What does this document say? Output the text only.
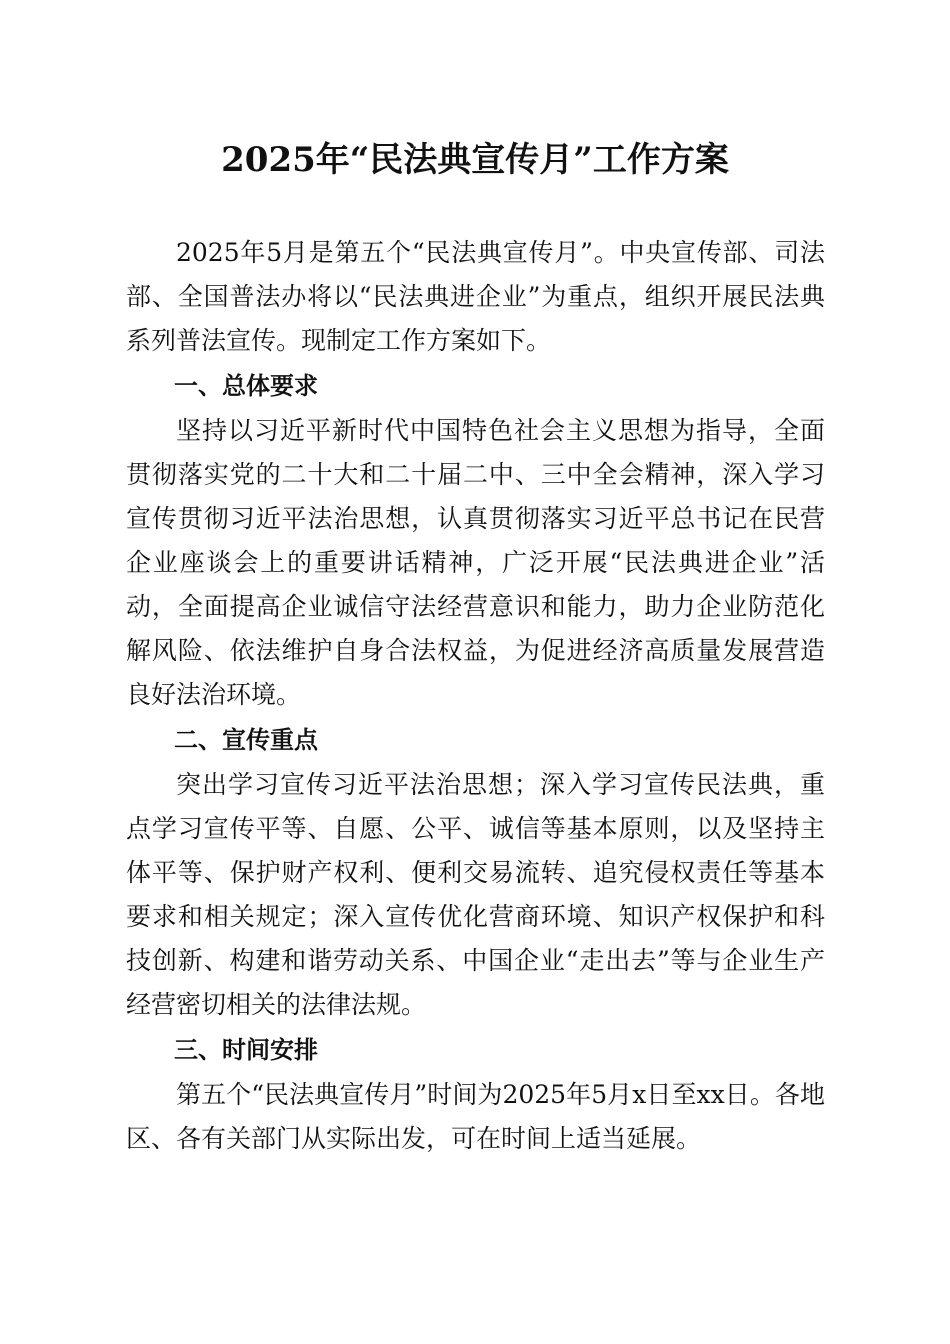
2025年“民法典宣传月”工作方案

2025年5月是第五个“民法典宣传月”。中央宣传部、司法部、全国普法办将以“民法典进企业”为重点，组织开展民法典系列普法宣传。现制定工作方案如下。

一、总体要求

坚持以习近平新时代中国特色社会主义思想为指导，全面贯彻落实党的二十大和二十届二中、三中全会精神，深入学习宣传贯彻习近平法治思想，认真贯彻落实习近平总书记在民营企业座谈会上的重要讲话精神，广泛开展“民法典进企业”活动，全面提高企业诚信守法经营意识和能力，助力企业防范化解风险、依法维护自身合法权益，为促进经济高质量发展营造良好法治环境。

二、宣传重点

突出学习宣传习近平法治思想；深入学习宣传民法典，重点学习宣传平等、自愿、公平、诚信等基本原则，以及坚持主体平等、保护财产权利、便利交易流转、追究侵权责任等基本要求和相关规定；深入宣传优化营商环境、知识产权保护和科技创新、构建和谐劳动关系、中国企业“走出去”等与企业生产经营密切相关的法律法规。

三、时间安排

第五个“民法典宣传月”时间为2025年5月x日至xx日。各地区、各有关部门从实际出发，可在时间上适当延展。
